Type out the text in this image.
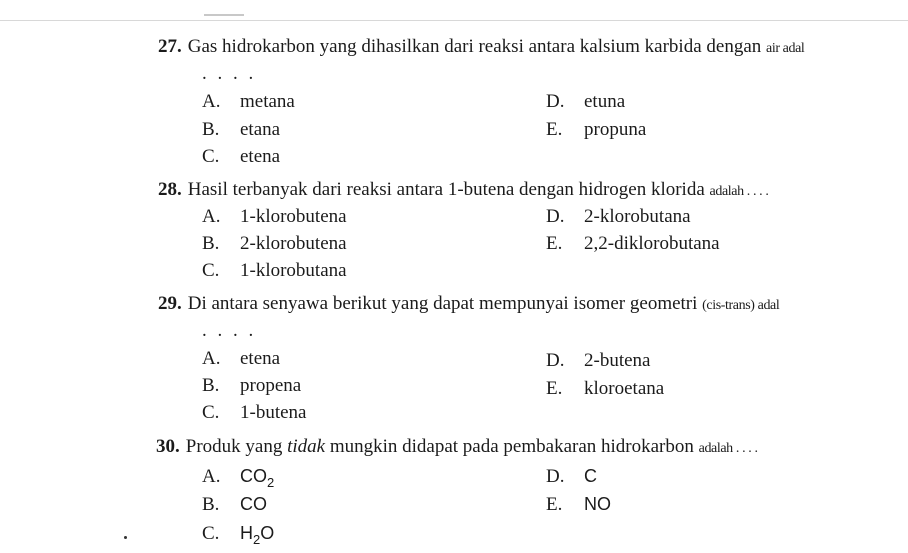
27. Gas hidrokarbon yang dihasilkan dari reaksi antara kalsium karbida dengan air adal
. . . .
A. metana
B. etana
C. etena
D. etuna
E. propuna
28. Hasil terbanyak dari reaksi antara 1-butena dengan hidrogen klorida adalah . . . .
A. 1-klorobutena
B. 2-klorobutena
C. 1-klorobutana
D. 2-klorobutana
E. 2,2-diklorobutana
29. Di antara senyawa berikut yang dapat mempunyai isomer geometri (cis-trans) adal
. . . .
A. etena
B. propena
C. 1-butena
D. 2-butena
E. kloroetana
30. Produk yang tidak mungkin didapat pada pembakaran hidrokarbon adalah . . . .
A. $CO_2$
B. CO
C. $H_2O$
D. C
E. NO
